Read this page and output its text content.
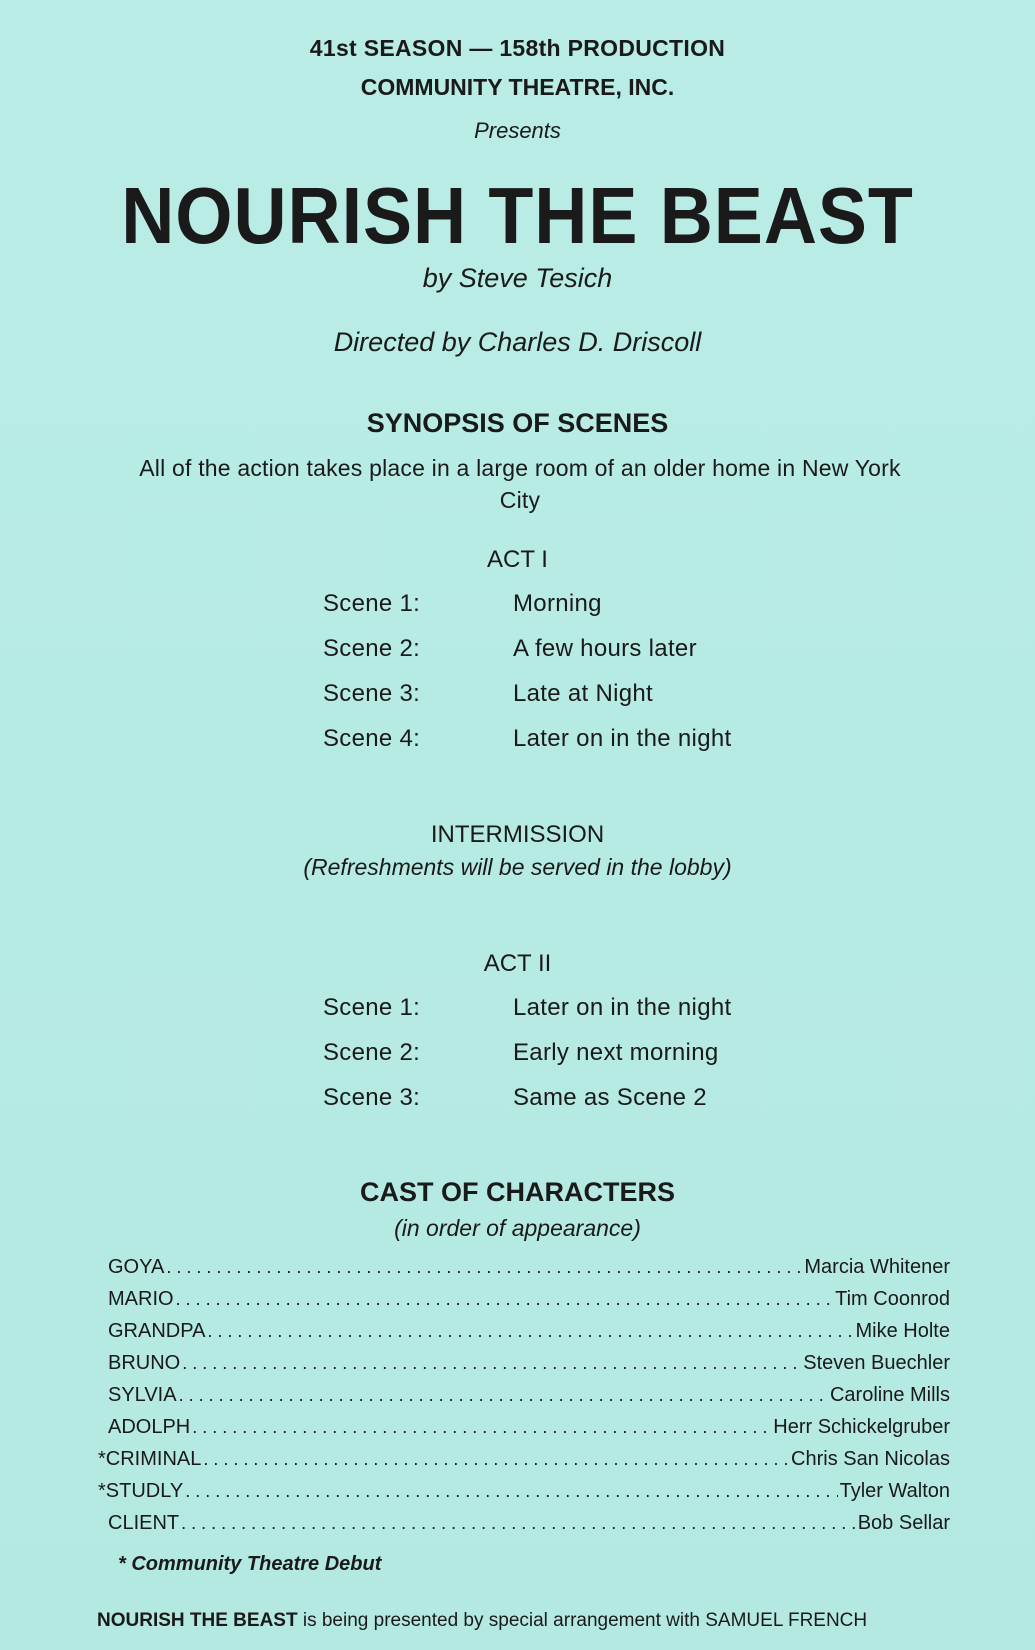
41st SEASON — 158th PRODUCTION
COMMUNITY THEATRE, INC.
Presents
NOURISH THE BEAST
by Steve Tesich
Directed by Charles D. Driscoll
SYNOPSIS OF SCENES
All of the action takes place in a large room of an older home in New York City
ACT I
Scene 1:	Morning
Scene 2:	A few hours later
Scene 3:	Late at Night
Scene 4:	Later on in the night
INTERMISSION
(Refreshments will be served in the lobby)
ACT II
Scene 1:	Later on in the night
Scene 2:	Early next morning
Scene 3:	Same as Scene 2
CAST OF CHARACTERS
(in order of appearance)
GOYA . . .	Marcia Whitener
MARIO . . .	Tim Coonrod
GRANDPA . . .	Mike Holte
BRUNO . . .	Steven Buechler
SYLVIA . . .	Caroline Mills
ADOLPH . . .	Herr Schickelgruber
*CRIMINAL . . .	Chris San Nicolas
*STUDLY . . .	Tyler Walton
CLIENT . . .	Bob Sellar
* Community Theatre Debut
NOURISH THE BEAST is being presented by special arrangement with SAMUEL FRENCH
